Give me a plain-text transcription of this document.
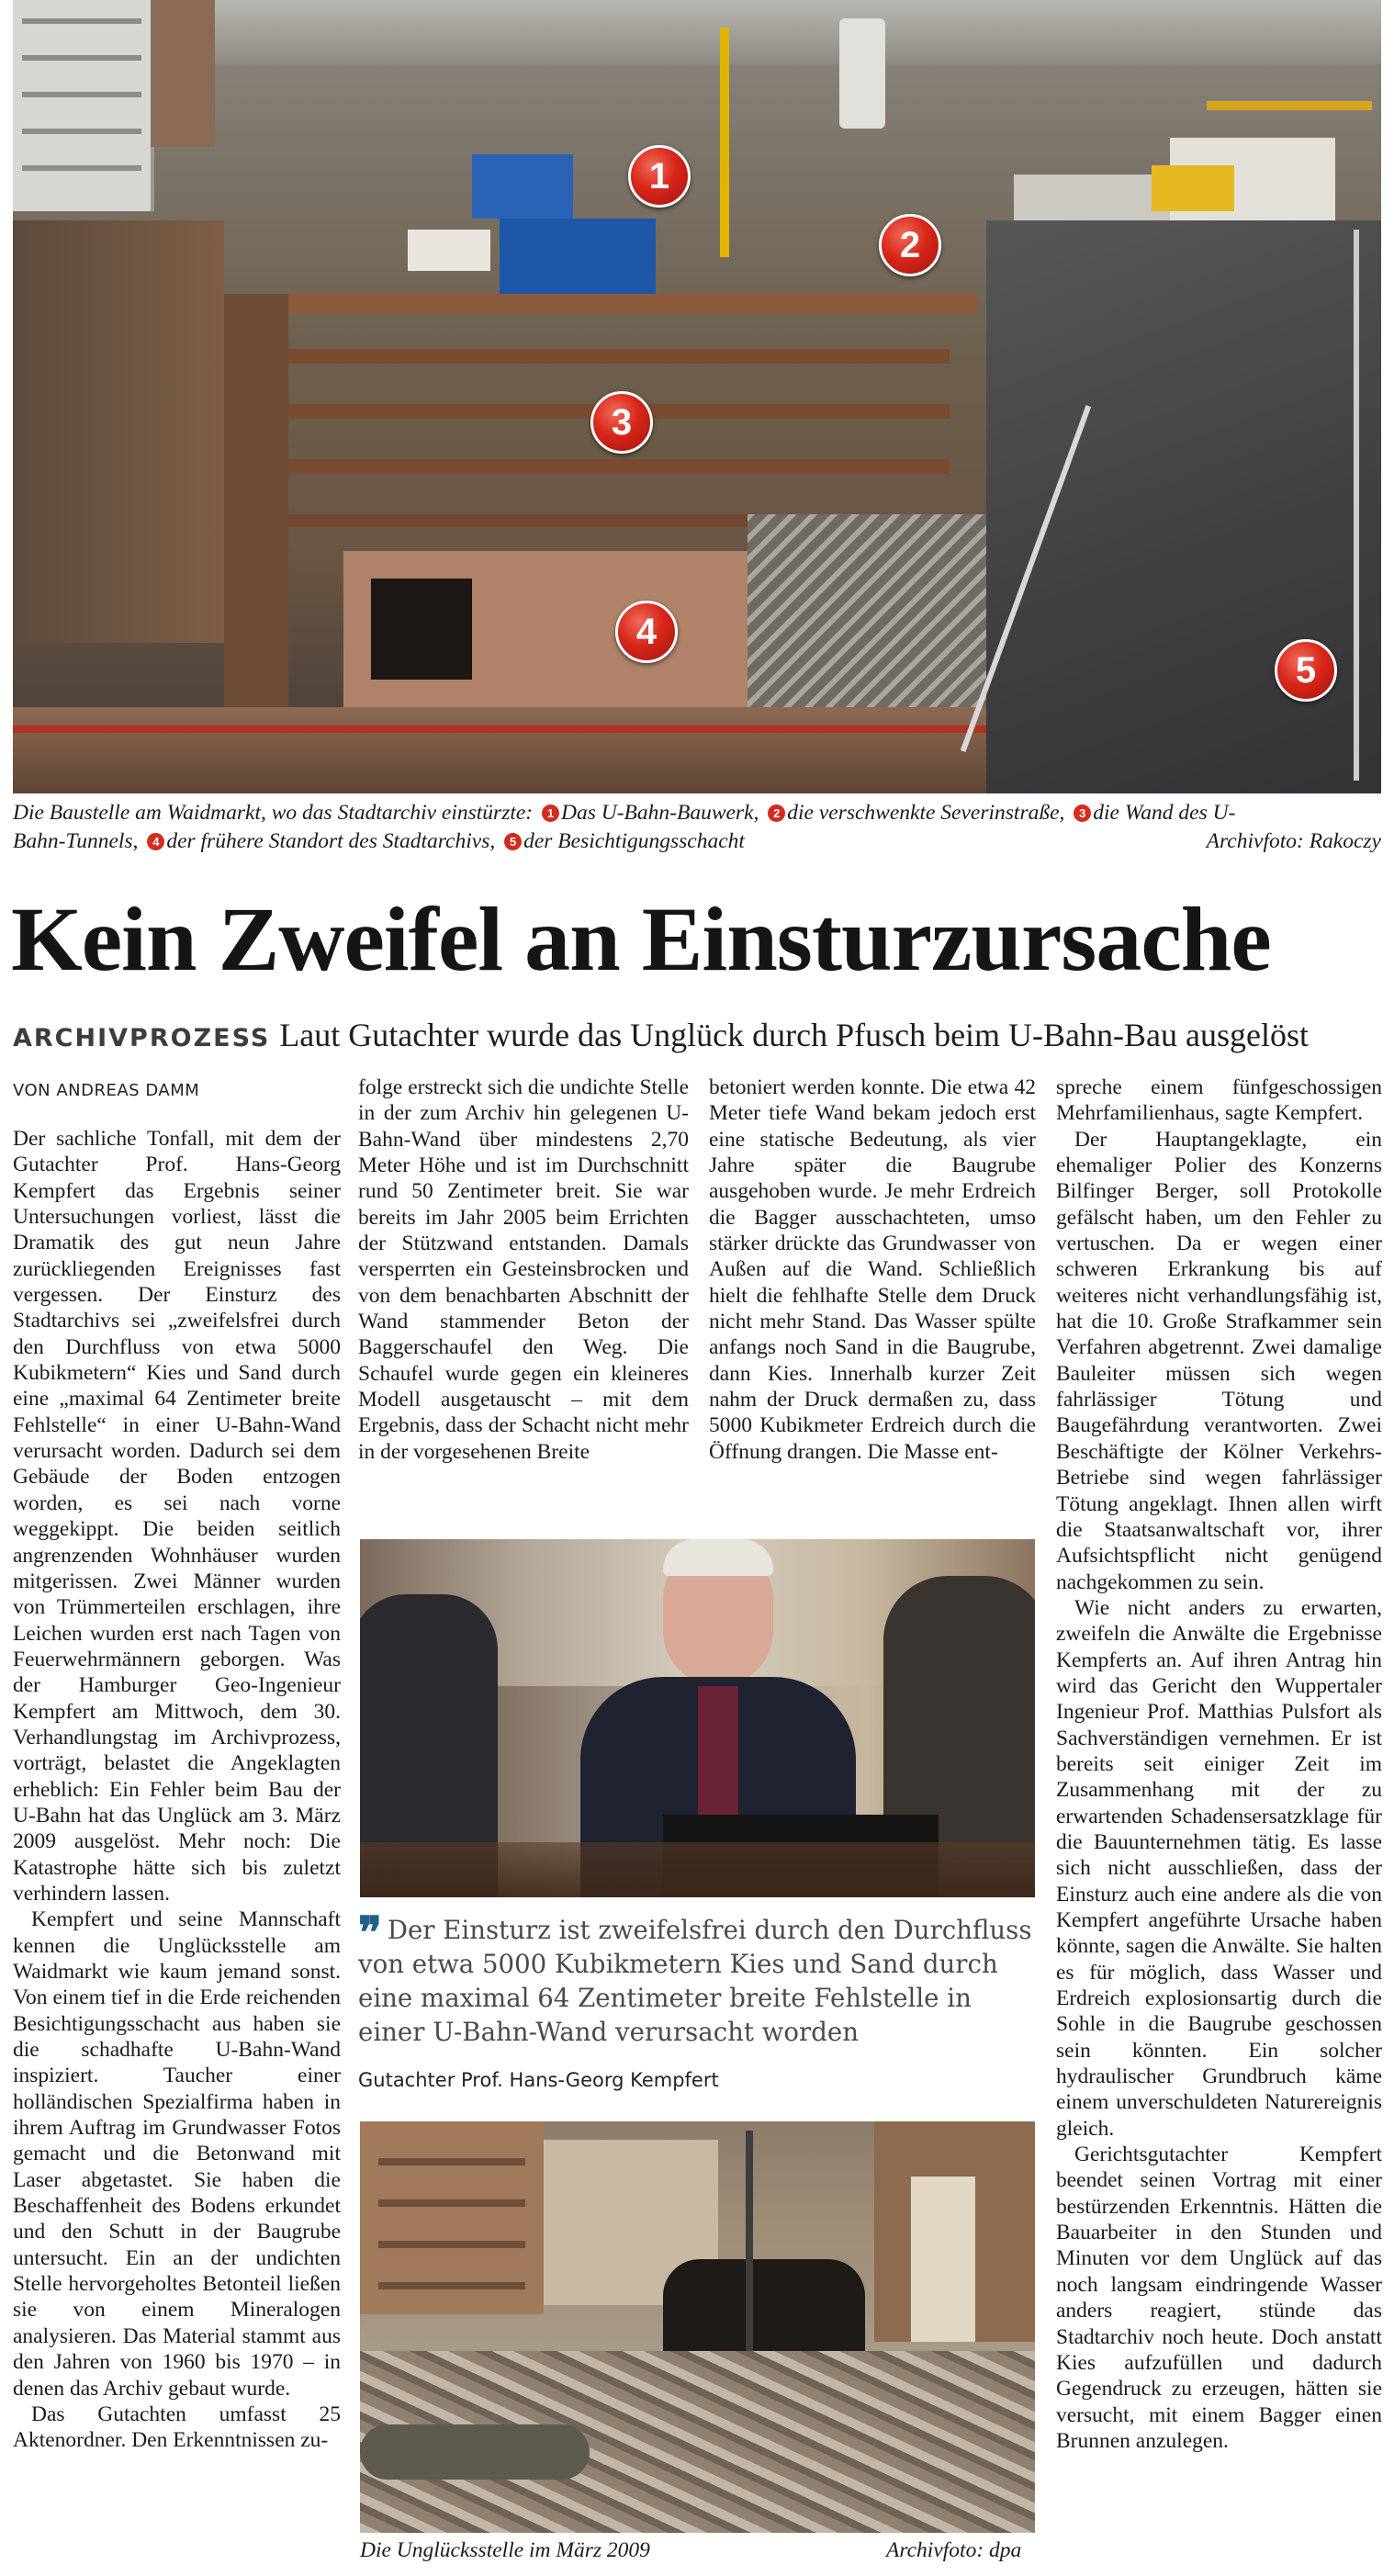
1
2
3
4
5
Die Baustelle am Waidmarkt, wo das Stadtarchiv einstürzte: 1 Das U-Bahn-Bauwerk, 2 die verschwenkte Severinstraße, 3 die Wand des U-
Bahn-Tunnels, 4 der frühere Standort des Stadtarchivs, 5 der Besichtigungsschacht	Archivfoto: Rakoczy
Kein Zweifel an Einsturzursache
ARCHIVPROZESS Laut Gutachter wurde das Unglück durch Pfusch beim U-Bahn-Bau ausgelöst
VON ANDREAS DAMM

Der sachliche Tonfall, mit dem der Gutachter Prof. Hans-Georg Kempfert das Ergebnis seiner Untersuchungen vorliest, lässt die Dramatik des gut neun Jahre zurückliegenden Ereignisses fast vergessen. Der Einsturz des Stadtarchivs sei „zweifelsfrei durch den Durchfluss von etwa 5000 Kubikmetern“ Kies und Sand durch eine „maximal 64 Zentimeter breite Fehlstelle“ in einer U-Bahn-Wand verursacht worden. Dadurch sei dem Gebäude der Boden entzogen worden, es sei nach vorne weggekippt. Die beiden seitlich angrenzenden Wohnhäuser wurden mitgerissen. Zwei Männer wurden von Trümmerteilen erschlagen, ihre Leichen wurden erst nach Tagen von Feuerwehrmännern geborgen. Was der Hamburger Geo-Ingenieur Kempfert am Mittwoch, dem 30. Verhandlungstag im Archivprozess, vorträgt, belastet die Angeklagten erheblich: Ein Fehler beim Bau der U-Bahn hat das Unglück am 3. März 2009 ausgelöst. Mehr noch: Die Katastrophe hätte sich bis zuletzt verhindern lassen.

Kempfert und seine Mannschaft kennen die Unglücksstelle am Waidmarkt wie kaum jemand sonst. Von einem tief in die Erde reichenden Besichtigungsschacht aus haben sie die schadhafte U-Bahn-Wand inspiziert. Taucher einer holländischen Spezialfirma haben in ihrem Auftrag im Grundwasser Fotos gemacht und die Betonwand mit Laser abgetastet. Sie haben die Beschaffenheit des Bodens erkundet und den Schutt in der Baugrube untersucht. Ein an der undichten Stelle hervorgeholtes Betonteil ließen sie von einem Mineralogen analysieren. Das Material stammt aus den Jahren von 1960 bis 1970 – in denen das Archiv gebaut wurde.

Das Gutachten umfasst 25 Aktenordner. Den Erkenntnissen zu-

folge erstreckt sich die undichte Stelle in der zum Archiv hin gelegenen U-Bahn-Wand über mindestens 2,70 Meter Höhe und ist im Durchschnitt rund 50 Zentimeter breit. Sie war bereits im Jahr 2005 beim Errichten der Stützwand entstanden. Damals versperrten ein Gesteinsbrocken und von dem benachbarten Abschnitt der Wand stammender Beton der Baggerschaufel den Weg. Die Schaufel wurde gegen ein kleineres Modell ausgetauscht – mit dem Ergebnis, dass der Schacht nicht mehr in der vorgesehenen Breite

betoniert werden konnte. Die etwa 42 Meter tiefe Wand bekam jedoch erst eine statische Bedeutung, als vier Jahre später die Baugrube ausgehoben wurde. Je mehr Erdreich die Bagger ausschachteten, umso stärker drückte das Grundwasser von Außen auf die Wand. Schließlich hielt die fehlhafte Stelle dem Druck nicht mehr Stand. Das Wasser spülte anfangs noch Sand in die Baugrube, dann Kies. Innerhalb kurzer Zeit nahm der Druck dermaßen zu, dass 5000 Kubikmeter Erdreich durch die Öffnung drangen. Die Masse ent-

spreche einem fünfgeschossigen Mehrfamilienhaus, sagte Kempfert.

Der Hauptangeklagte, ein ehemaliger Polier des Konzerns Bilfinger Berger, soll Protokolle gefälscht haben, um den Fehler zu vertuschen. Da er wegen einer schweren Erkrankung bis auf weiteres nicht verhandlungsfähig ist, hat die 10. Große Strafkammer sein Verfahren abgetrennt. Zwei damalige Bauleiter müssen sich wegen fahrlässiger Tötung und Baugefährdung verantworten. Zwei Beschäftigte der Kölner Verkehrs-Betriebe sind wegen fahrlässiger Tötung angeklagt. Ihnen allen wirft die Staatsanwaltschaft vor, ihrer Aufsichtspflicht nicht genügend nachgekommen zu sein.

Wie nicht anders zu erwarten, zweifeln die Anwälte die Ergebnisse Kempferts an. Auf ihren Antrag hin wird das Gericht den Wuppertaler Ingenieur Prof. Matthias Pulsfort als Sachverständigen vernehmen. Er ist bereits seit einiger Zeit im Zusammenhang mit der zu erwartenden Schadensersatzklage für die Bauunternehmen tätig. Es lasse sich nicht ausschließen, dass der Einsturz auch eine andere als die von Kempfert angeführte Ursache haben könnte, sagen die Anwälte. Sie halten es für möglich, dass Wasser und Erdreich explosionsartig durch die Sohle in die Baugrube geschossen sein könnten. Ein solcher hydraulischer Grundbruch käme einem unverschuldeten Naturereignis gleich.

Gerichtsgutachter Kempfert beendet seinen Vortrag mit einer bestürzenden Erkenntnis. Hätten die Bauarbeiter in den Stunden und Minuten vor dem Unglück auf das noch langsam eindringende Wasser anders reagiert, stünde das Stadtarchiv noch heute. Doch anstatt Kies aufzufüllen und dadurch Gegendruck zu erzeugen, hätten sie versucht, mit einem Bagger einen Brunnen anzulegen.

❞ Der Einsturz ist zweifelsfrei durch den Durchfluss von etwa 5000 Kubikmetern Kies und Sand durch eine maximal 64 Zentimeter breite Fehlstelle in einer U-Bahn-Wand verursacht worden
Gutachter Prof. Hans-Georg Kempfert
Die Unglücksstelle im März 2009	Archivfoto: dpa
